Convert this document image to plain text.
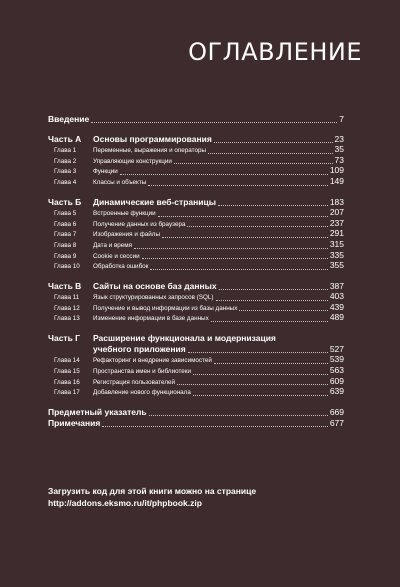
ОГЛАВЛЕНИЕ
Введение	7
Часть А	Основы программирования	23
Глава 1	Переменные, выражения и операторы	35
Глава 2	Управляющие конструкции	73
Глава 3	Функции	109
Глава 4	Классы и объекты	149
Часть Б	Динамические веб-страницы	183
Глава 5	Встроенные функции	207
Глава 6	Получение данных из браузера	237
Глава 7	Изображения и файлы	291
Глава 8	Дата и время	315
Глава 9	Cookie и сессии	335
Глава 10	Обработка ошибок	355
Часть В	Сайты на основе баз данных	387
Глава 11	Язык структурированных запросов (SQL)	403
Глава 12	Получение и вывод информации из базы данных	439
Глава 13	Изменение информации в базе данных	489
Часть Г	Расширение функционала и модернизация
учебного приложения	527
Глава 14	Рефакторинг и внедрение зависимостей	539
Глава 15	Пространства имен и библиотеки	563
Глава 16	Регистрация пользователей	609
Глава 17	Добавление нового функционала	639
Предметный указатель	669
Примечания	677
Загрузить код для этой книги можно на странице
http://addons.eksmo.ru/it/phpbook.zip
